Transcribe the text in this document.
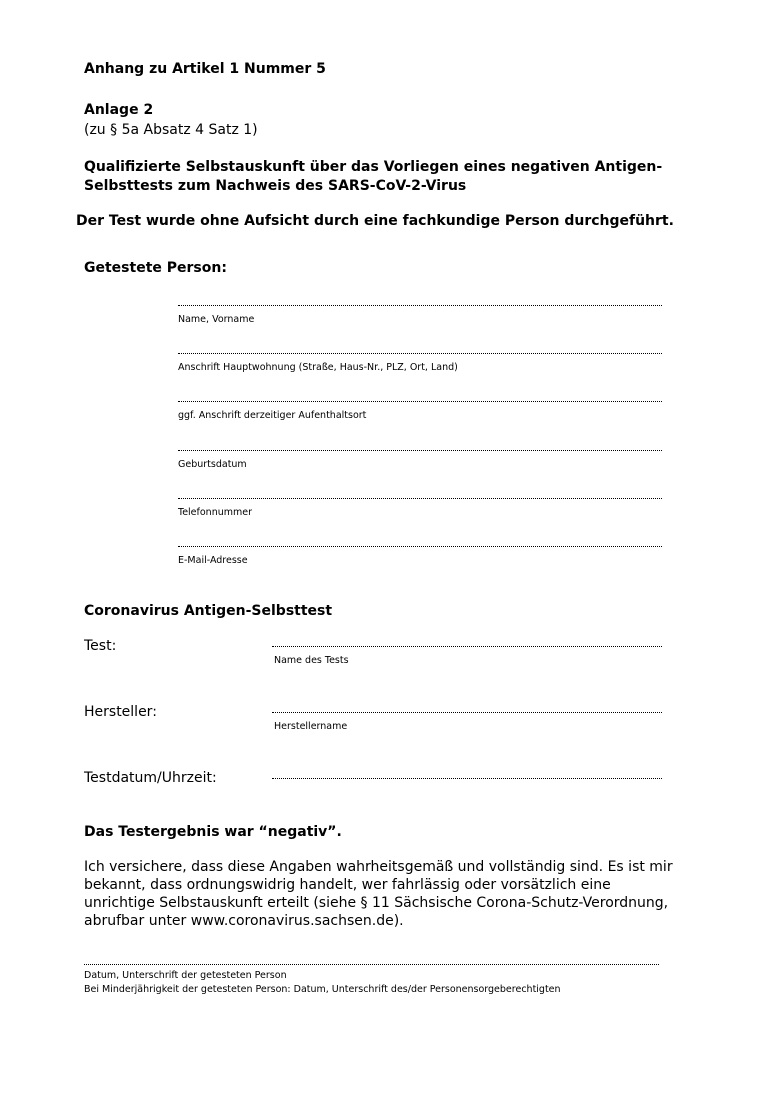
Anhang zu Artikel 1 Nummer 5
Anlage 2
(zu § 5a Absatz 4 Satz 1)
Qualifizierte Selbstauskunft über das Vorliegen eines negativen Antigen-
Selbsttests zum Nachweis des SARS-CoV-2-Virus
Der Test wurde ohne Aufsicht durch eine fachkundige Person durchgeführt.
Getestete Person:
Name, Vorname
Anschrift Hauptwohnung (Straße, Haus-Nr., PLZ, Ort, Land)
ggf. Anschrift derzeitiger Aufenthaltsort
Geburtsdatum
Telefonnummer
E-Mail-Adresse
Coronavirus Antigen-Selbsttest
Test:
Name des Tests
Hersteller:
Herstellername
Testdatum/Uhrzeit:
Das Testergebnis war “negativ”.
Ich versichere, dass diese Angaben wahrheitsgemäß und vollständig sind. Es ist mir bekannt, dass ordnungswidrig handelt, wer fahrlässig oder vorsätzlich eine unrichtige Selbstauskunft erteilt (siehe § 11 Sächsische Corona-Schutz-Verordnung, abrufbar unter www.coronavirus.sachsen.de).
Datum, Unterschrift der getesteten Person
Bei Minderjährigkeit der getesteten Person: Datum, Unterschrift des/der Personensorgeberechtigten
